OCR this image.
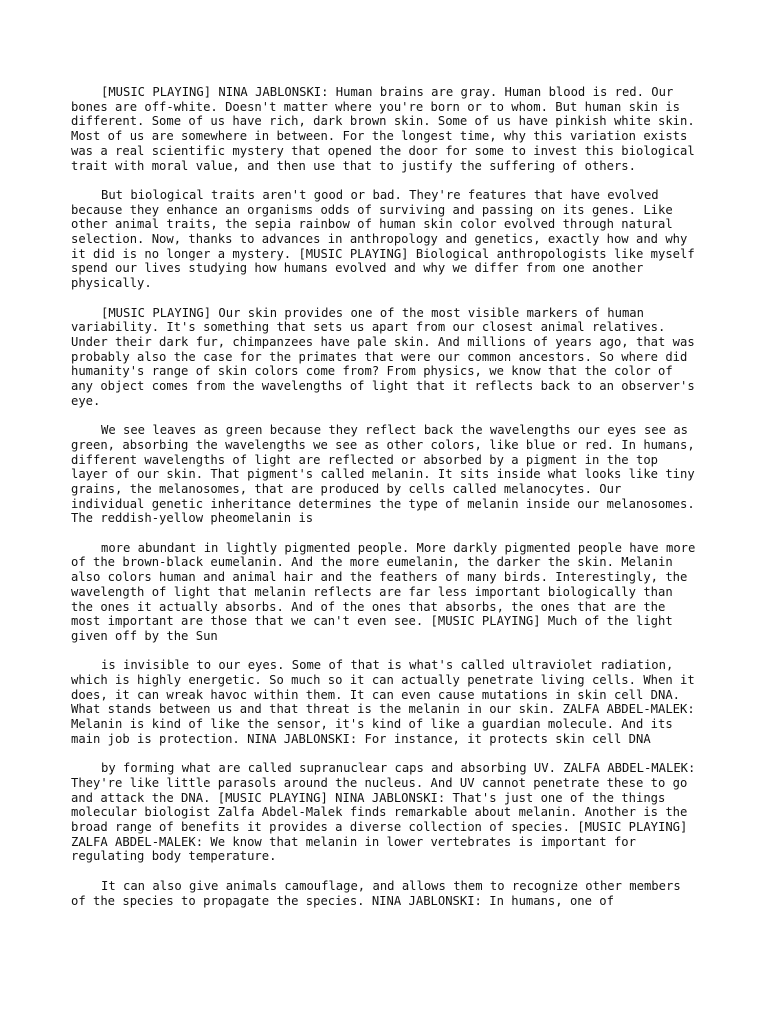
[MUSIC PLAYING] NINA JABLONSKI: Human brains are gray. Human blood is red. Our bones are off-white. Doesn't matter where you're born or to whom. But human skin is different. Some of us have rich, dark brown skin. Some of us have pinkish white skin. Most of us are somewhere in between. For the longest time, why this variation exists was a real scientific mystery that opened the door for some to invest this biological trait with moral value, and then use that to justify the suffering of others.

But biological traits aren't good or bad. They're features that have evolved because they enhance an organisms odds of surviving and passing on its genes. Like other animal traits, the sepia rainbow of human skin color evolved through natural selection. Now, thanks to advances in anthropology and genetics, exactly how and why it did is no longer a mystery. [MUSIC PLAYING] Biological anthropologists like myself spend our lives studying how humans evolved and why we differ from one another physically.

[MUSIC PLAYING] Our skin provides one of the most visible markers of human variability. It's something that sets us apart from our closest animal relatives. Under their dark fur, chimpanzees have pale skin. And millions of years ago, that was probably also the case for the primates that were our common ancestors. So where did humanity's range of skin colors come from? From physics, we know that the color of any object comes from the wavelengths of light that it reflects back to an observer's eye.

We see leaves as green because they reflect back the wavelengths our eyes see as green, absorbing the wavelengths we see as other colors, like blue or red. In humans, different wavelengths of light are reflected or absorbed by a pigment in the top layer of our skin. That pigment's called melanin. It sits inside what looks like tiny grains, the melanosomes, that are produced by cells called melanocytes. Our individual genetic inheritance determines the type of melanin inside our melanosomes. The reddish-yellow pheomelanin is

more abundant in lightly pigmented people. More darkly pigmented people have more of the brown-black eumelanin. And the more eumelanin, the darker the skin. Melanin also colors human and animal hair and the feathers of many birds. Interestingly, the wavelength of light that melanin reflects are far less important biologically than the ones it actually absorbs. And of the ones that absorbs, the ones that are the most important are those that we can't even see. [MUSIC PLAYING] Much of the light given off by the Sun

is invisible to our eyes. Some of that is what's called ultraviolet radiation, which is highly energetic. So much so it can actually penetrate living cells. When it does, it can wreak havoc within them. It can even cause mutations in skin cell DNA. What stands between us and that threat is the melanin in our skin. ZALFA ABDEL-MALEK: Melanin is kind of like the sensor, it's kind of like a guardian molecule. And its main job is protection. NINA JABLONSKI: For instance, it protects skin cell DNA

by forming what are called supranuclear caps and absorbing UV. ZALFA ABDEL-MALEK: They're like little parasols around the nucleus. And UV cannot penetrate these to go and attack the DNA. [MUSIC PLAYING] NINA JABLONSKI: That's just one of the things molecular biologist Zalfa Abdel-Malek finds remarkable about melanin. Another is the broad range of benefits it provides a diverse collection of species. [MUSIC PLAYING] ZALFA ABDEL-MALEK: We know that melanin in lower vertebrates is important for regulating body temperature.

It can also give animals camouflage, and allows them to recognize other members of the species to propagate the species. NINA JABLONSKI: In humans, one of
